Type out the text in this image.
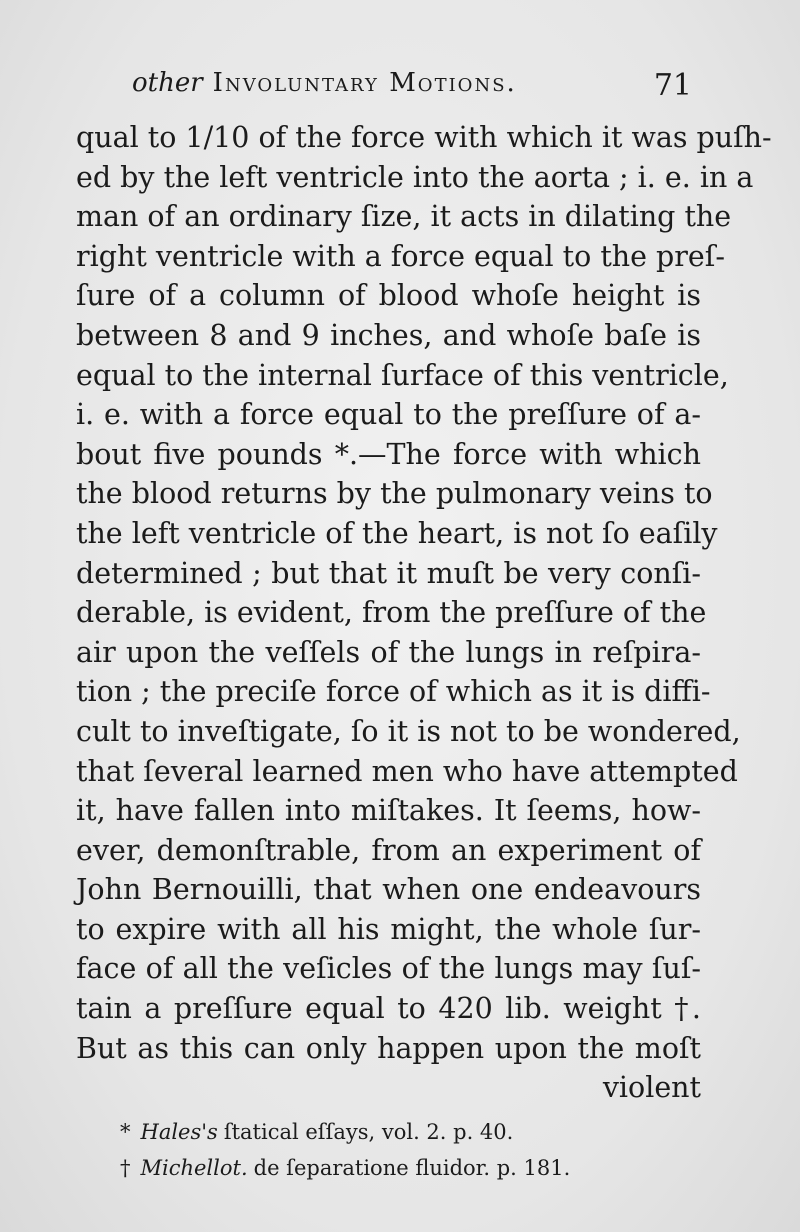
other Involuntary Motions.	71
qual to 1/10 of the force with which it was puſh-
ed by the left ventricle into the aorta ; i. e. in a
man of an ordinary ſize, it acts in dilating the
right ventricle with a force equal to the preſ-
ſure of a column of blood whoſe height is
between 8 and 9 inches, and whoſe baſe is
equal to the internal ſurface of this ventricle,
i. e. with a force equal to the preſſure of a-
bout five pounds *.—The force with which
the blood returns by the pulmonary veins to
the left ventricle of the heart, is not ſo eaſily
determined ; but that it muſt be very conſi-
derable, is evident, from the preſſure of the
air upon the veſſels of the lungs in reſpira-
tion ; the preciſe force of which as it is diffi-
cult to inveſtigate, ſo it is not to be wondered,
that ſeveral learned men who have attempted
it, have fallen into miſtakes. It ſeems, how-
ever, demonſtrable, from an experiment of
John Bernouilli, that when one endeavours
to expire with all his might, the whole ſur-
face of all the veſicles of the lungs may ſuſ-
tain a preſſure equal to 420 lib. weight †.
But as this can only happen upon the moſt
violent
* Hales's ſtatical eſſays, vol. 2. p. 40.
† Michellot. de ſeparatione fluidor. p. 181.
